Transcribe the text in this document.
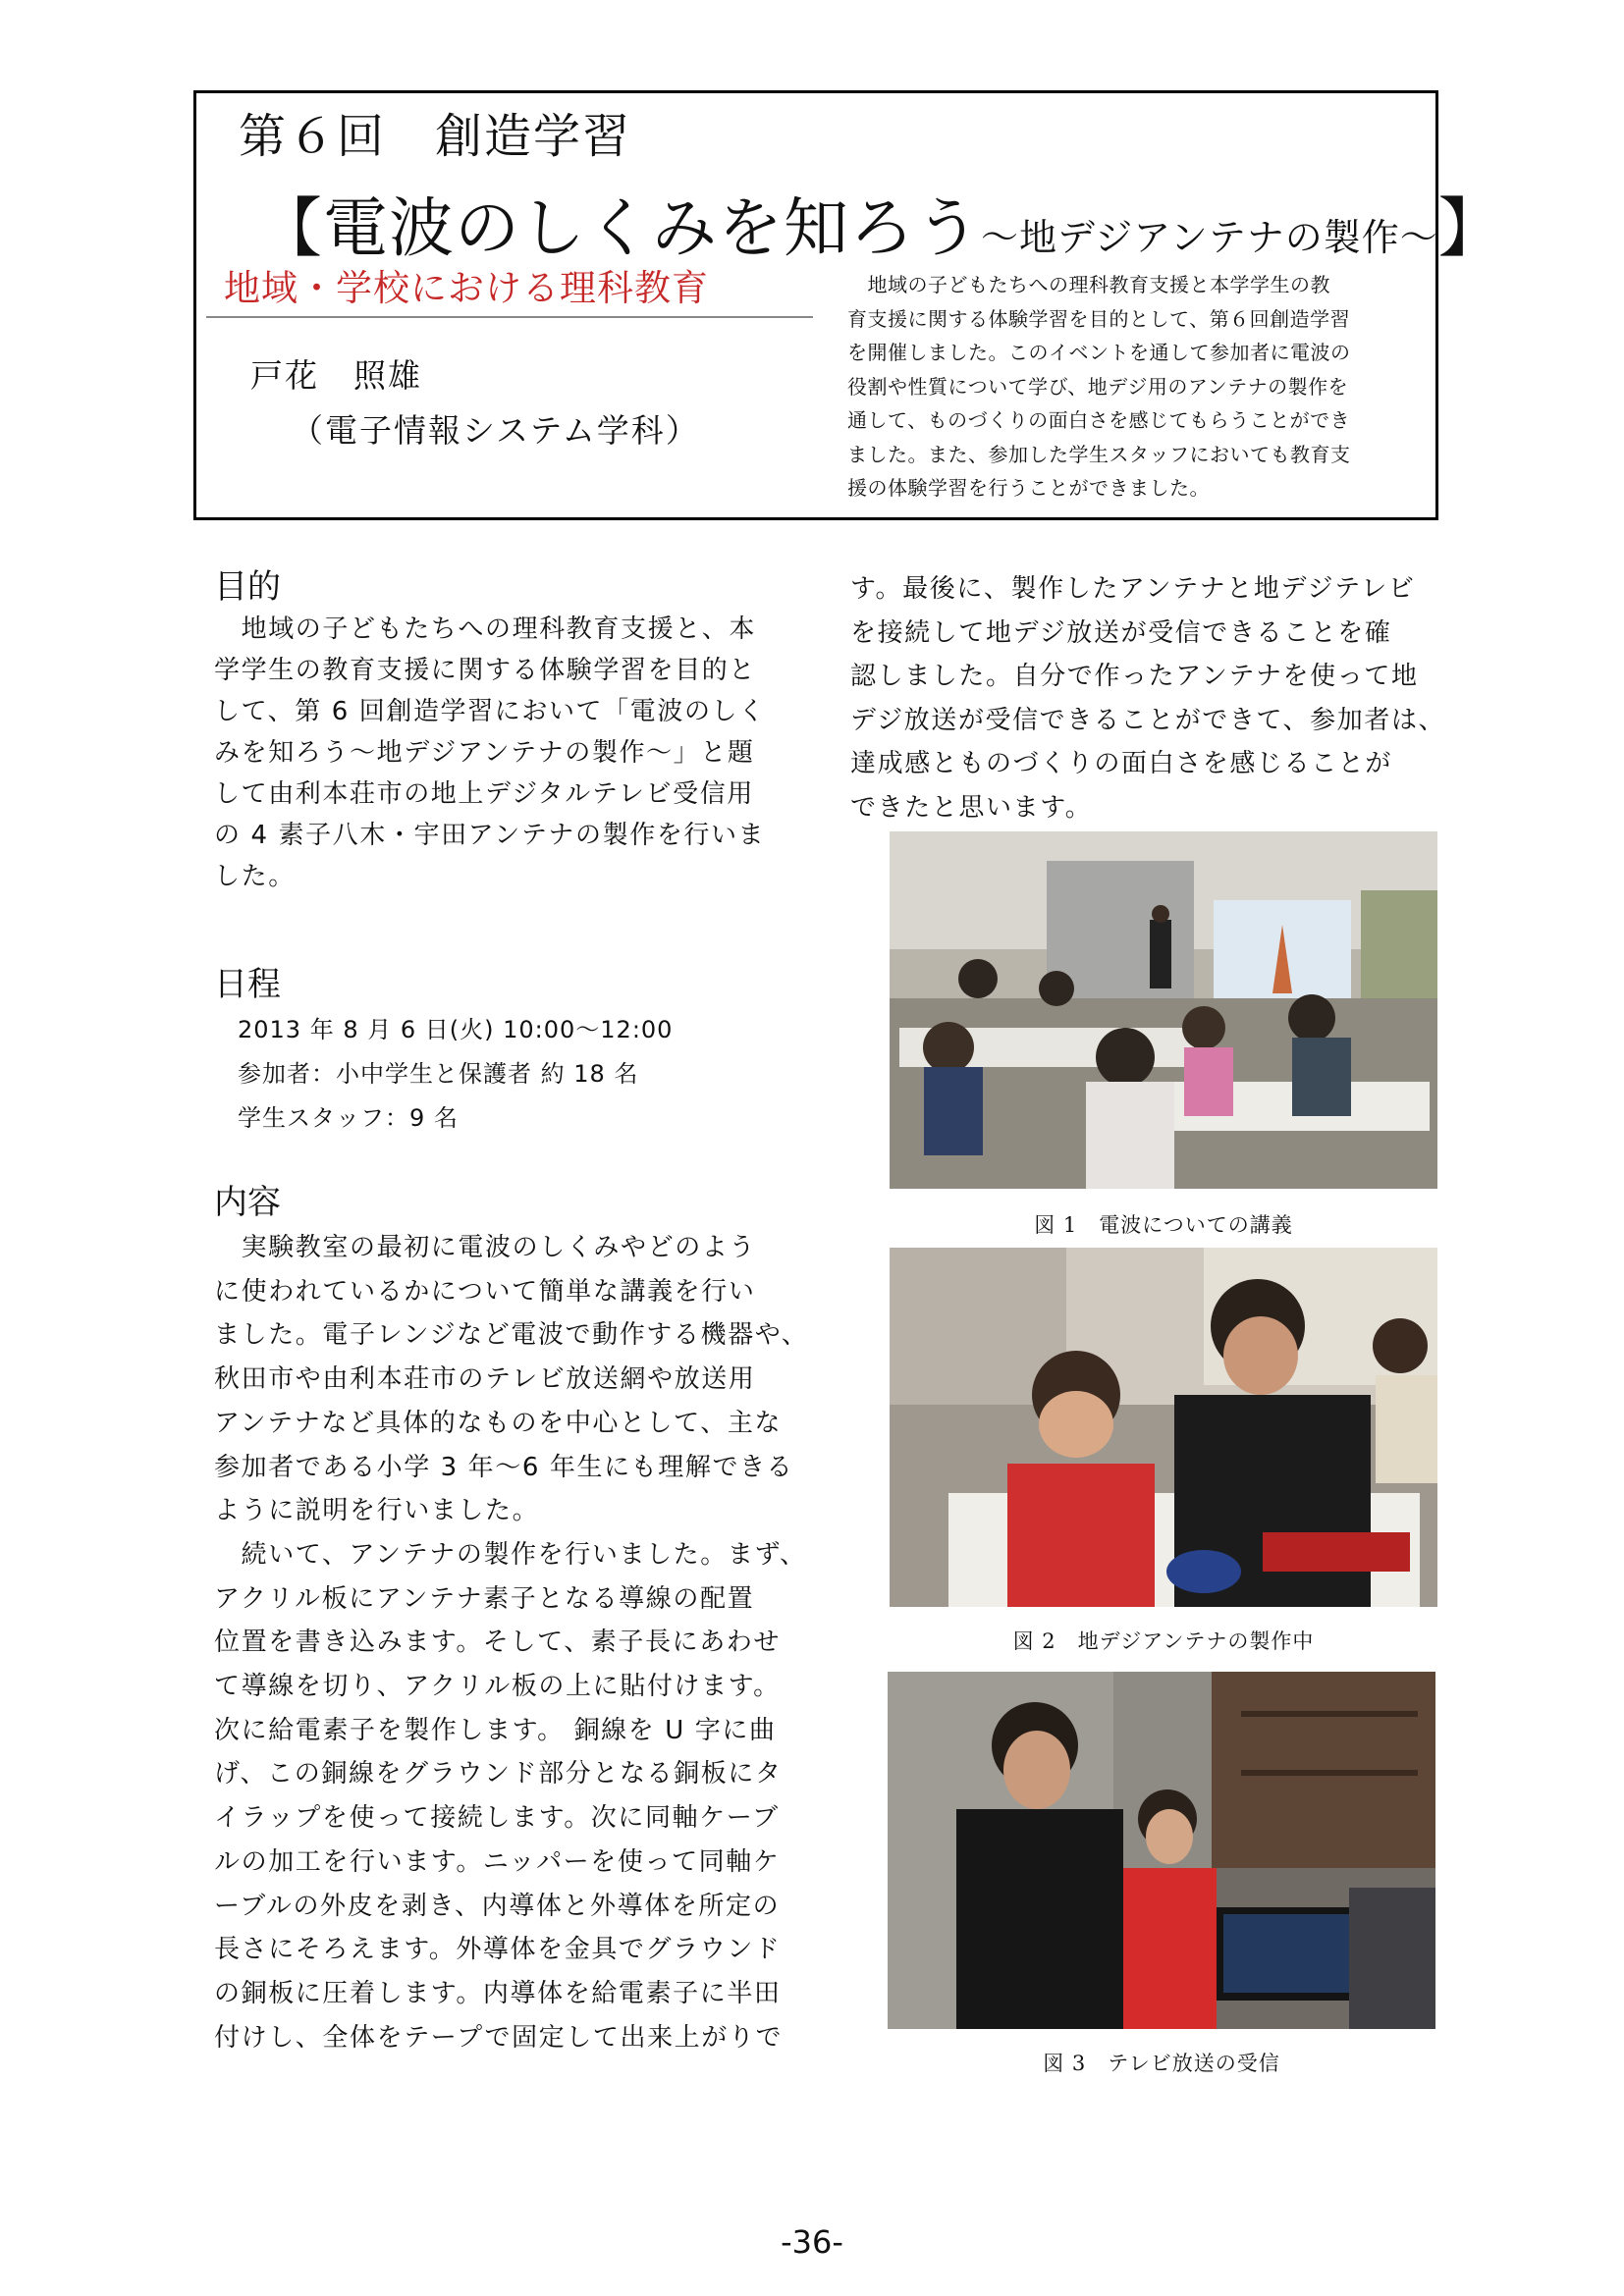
第６回　創造学習
【電波のしくみを知ろう～地デジアンテナの製作～】
地域・学校における理科教育
戸花　照雄
（電子情報システム学科）
　地域の子どもたちへの理科教育支援と本学学生の教
育支援に関する体験学習を目的として、第６回創造学習
を開催しました。このイベントを通して参加者に電波の
役割や性質について学び、地デジ用のアンテナの製作を
通して、ものづくりの面白さを感じてもらうことができ
ました。また、参加した学生スタッフにおいても教育支
援の体験学習を行うことができました。
目的
　地域の子どもたちへの理科教育支援と、本
学学生の教育支援に関する体験学習を目的と
して、第 6 回創造学習において「電波のしく
みを知ろう～地デジアンテナの製作～」と題
して由利本荘市の地上デジタルテレビ受信用
の 4 素子八木・宇田アンテナの製作を行いま
した。
日程
2013 年 8 月 6 日(火) 10:00～12:00
参加者：小中学生と保護者 約 18 名
学生スタッフ：9 名
内容
　実験教室の最初に電波のしくみやどのよう
に使われているかについて簡単な講義を行い
ました。電子レンジなど電波で動作する機器や、
秋田市や由利本荘市のテレビ放送網や放送用
アンテナなど具体的なものを中心として、主な
参加者である小学 3 年～6 年生にも理解できる
ように説明を行いました。
　続いて、アンテナの製作を行いました。まず、
アクリル板にアンテナ素子となる導線の配置
位置を書き込みます。そして、素子長にあわせ
て導線を切り、アクリル板の上に貼付けます。
次に給電素子を製作します。 銅線を U 字に曲
げ、この銅線をグラウンド部分となる銅板にタ
イラップを使って接続します。次に同軸ケーブ
ルの加工を行います。ニッパーを使って同軸ケ
ーブルの外皮を剥き、内導体と外導体を所定の
長さにそろえます。外導体を金具でグラウンド
の銅板に圧着します。内導体を給電素子に半田
付けし、全体をテープで固定して出来上がりで
す。最後に、製作したアンテナと地デジテレビ
を接続して地デジ放送が受信できることを確
認しました。自分で作ったアンテナを使って地
デジ放送が受信できることができて、参加者は、
達成感とものづくりの面白さを感じることが
できたと思います。
図 1　電波についての講義
図 2　地デジアンテナの製作中
図 3　テレビ放送の受信
-36-
